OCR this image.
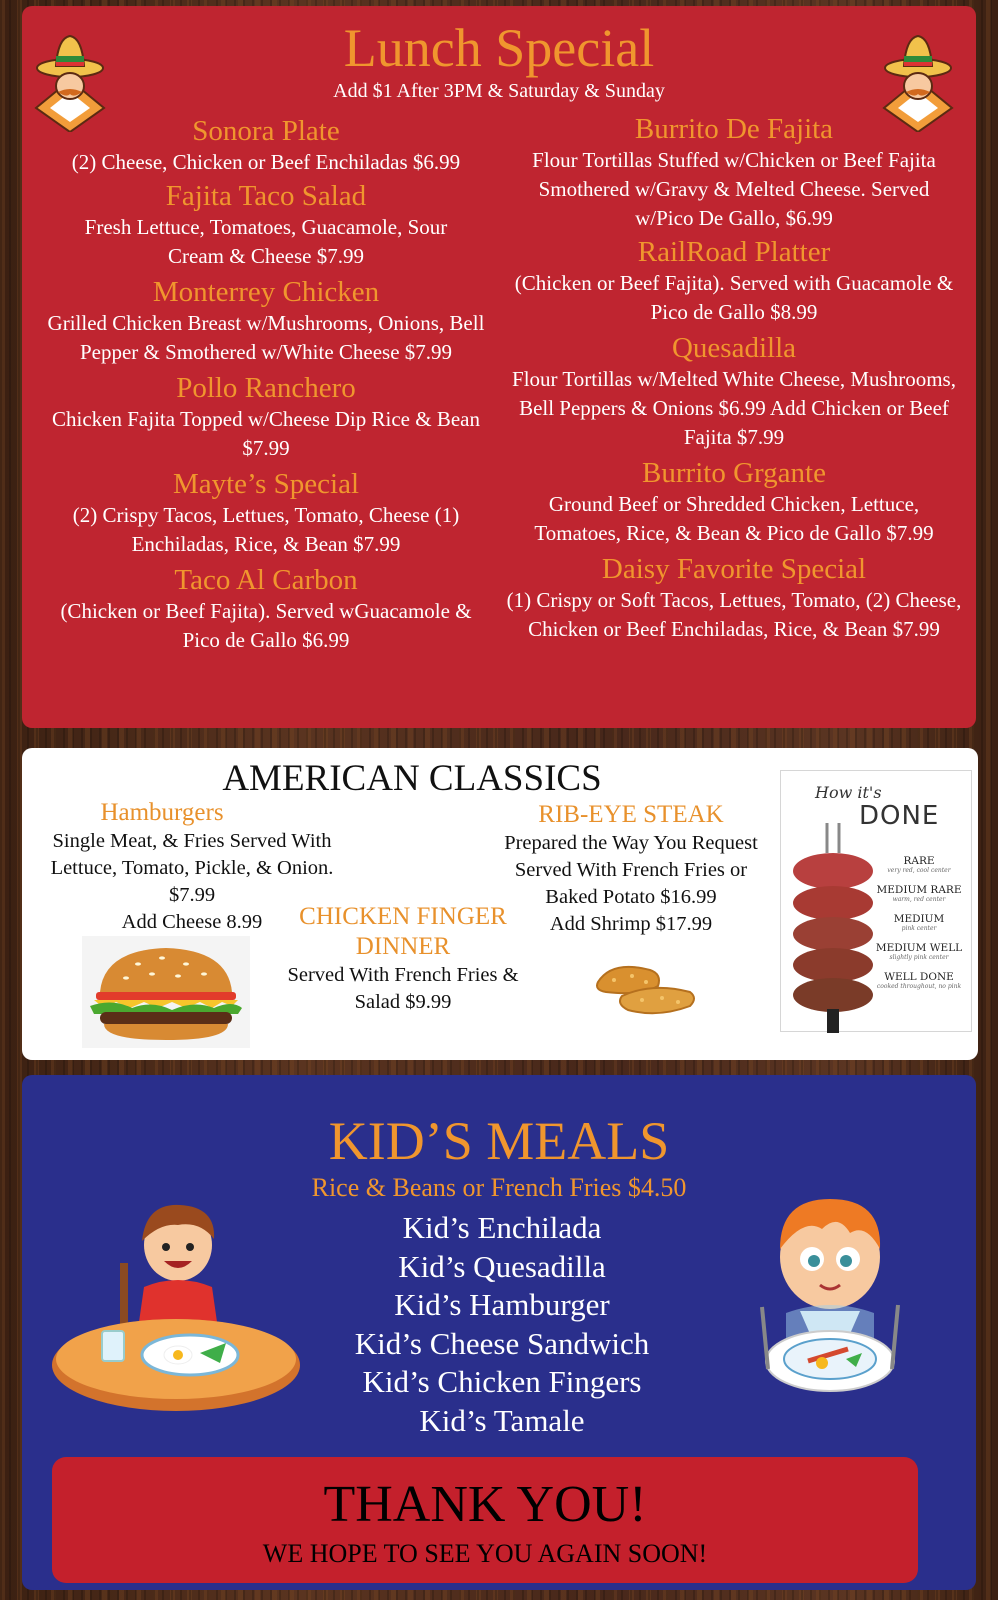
Lunch Special
Add $1 After 3PM & Saturday & Sunday
Sonora Plate
(2) Cheese, Chicken or Beef Enchiladas $6.99
Fajita Taco Salad
Fresh Lettuce, Tomatoes, Guacamole, Sour Cream & Cheese $7.99
Monterrey Chicken
Grilled Chicken Breast w/Mushrooms, Onions, Bell Pepper & Smothered w/White Cheese $7.99
Pollo Ranchero
Chicken Fajita Topped w/Cheese Dip Rice & Bean $7.99
Mayte’s Special
(2) Crispy Tacos, Lettues, Tomato, Cheese (1) Enchiladas, Rice, & Bean $7.99
Taco Al Carbon
(Chicken or Beef Fajita). Served wGuacamole & Pico de Gallo $6.99
Burrito De Fajita
Flour Tortillas Stuffed w/Chicken or Beef Fajita Smothered w/Gravy & Melted Cheese. Served w/Pico De Gallo, $6.99
RailRoad Platter
(Chicken or Beef Fajita). Served with Guacamole & Pico de Gallo $8.99
Quesadilla
Flour Tortillas w/Melted White Cheese, Mushrooms, Bell Peppers & Onions $6.99 Add Chicken or Beef Fajita $7.99
Burrito Grgante
Ground Beef or Shredded Chicken, Lettuce, Tomatoes, Rice, & Bean & Pico de Gallo $7.99
Daisy Favorite Special
(1) Crispy or Soft Tacos, Lettues, Tomato, (2) Cheese, Chicken or Beef Enchiladas, Rice, & Bean $7.99
AMERICAN CLASSICS
Hamburgers
Single Meat, & Fries Served With Lettuce, Tomato, Pickle, & Onion. $7.99
Add Cheese 8.99	CHICKEN FINGER DINNER
Served With French Fries & Salad $9.99
RIB-EYE STEAK
Prepared the Way You Request Served With French Fries or Baked Potato $16.99
Add Shrimp $17.99
How it's
DONE
RARE
very red, cool center
MEDIUM RARE
warm, red center
MEDIUM
pink center
MEDIUM WELL
slightly pink center
WELL DONE
cooked throughout, no pink
KID’S MEALS
Rice & Beans or French Fries $4.50
Kid’s Enchilada
Kid’s Quesadilla
Kid’s Hamburger
Kid’s Cheese Sandwich
Kid’s Chicken Fingers
Kid’s Tamale
THANK YOU!
WE HOPE TO SEE YOU AGAIN SOON!
